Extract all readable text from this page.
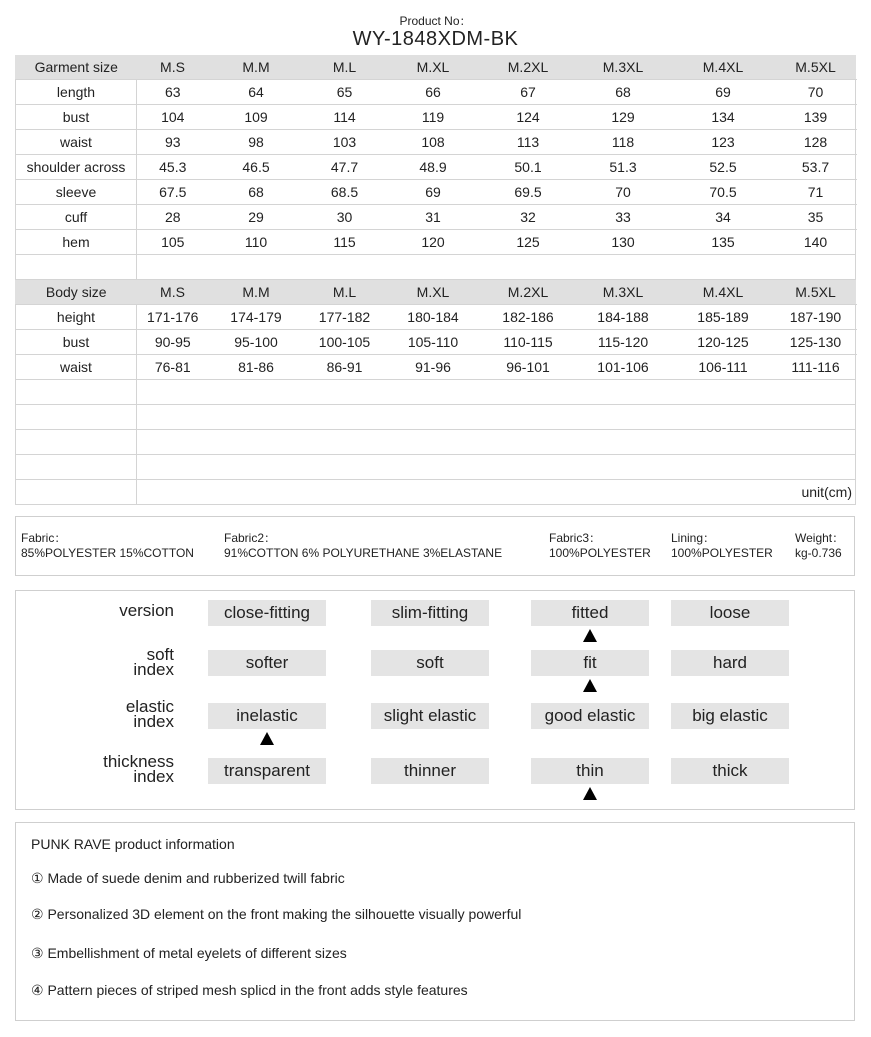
Product No：
WY-1848XDM-BK
Garment size	M.S	M.M	M.L	M.XL	M.2XL	M.3XL	M.4XL	M.5XL	
length	63	64	65	66	67	68	69	70	
bust	104	109	114	119	124	129	134	139	
waist	93	98	103	108	113	118	123	128	
shoulder across	45.3	46.5	47.7	48.9	50.1	51.3	52.5	53.7	
sleeve	67.5	68	68.5	69	69.5	70	70.5	71	
cuff	28	29	30	31	32	33	34	35	
hem	105	110	115	120	125	130	135	140	

Body size	M.S	M.M	M.L	M.XL	M.2XL	M.3XL	M.4XL	M.5XL	
height	171-176	174-179	177-182	180-184	182-186	184-188	185-189	187-190	
bust	90-95	95-100	100-105	105-110	110-115	115-120	120-125	125-130	
waist	76-81	81-86	86-91	91-96	96-101	101-106	106-111	111-116	

	unit(cm)								
Fabric：
85%POLYESTER 15%COTTON
Fabric2：
91%COTTON 6% POLYURETHANE 3%ELASTANE
Fabric3：
100%POLYESTER
Lining：
100%POLYESTER
Weight：
kg-0.736
version	close-fitting	slim-fitting	fitted	loose
soft
index	softer	soft	fit	hard
elastic
index	inelastic	slight elastic	good elastic	big elastic
thickness
index	transparent	thinner	thin	thick
PUNK RAVE product information
① Made of suede denim and rubberized twill fabric
② Personalized 3D element on the front making the silhouette visually powerful
③ Embellishment of metal eyelets of different sizes
④ Pattern pieces of striped mesh splicd in the front adds style features
